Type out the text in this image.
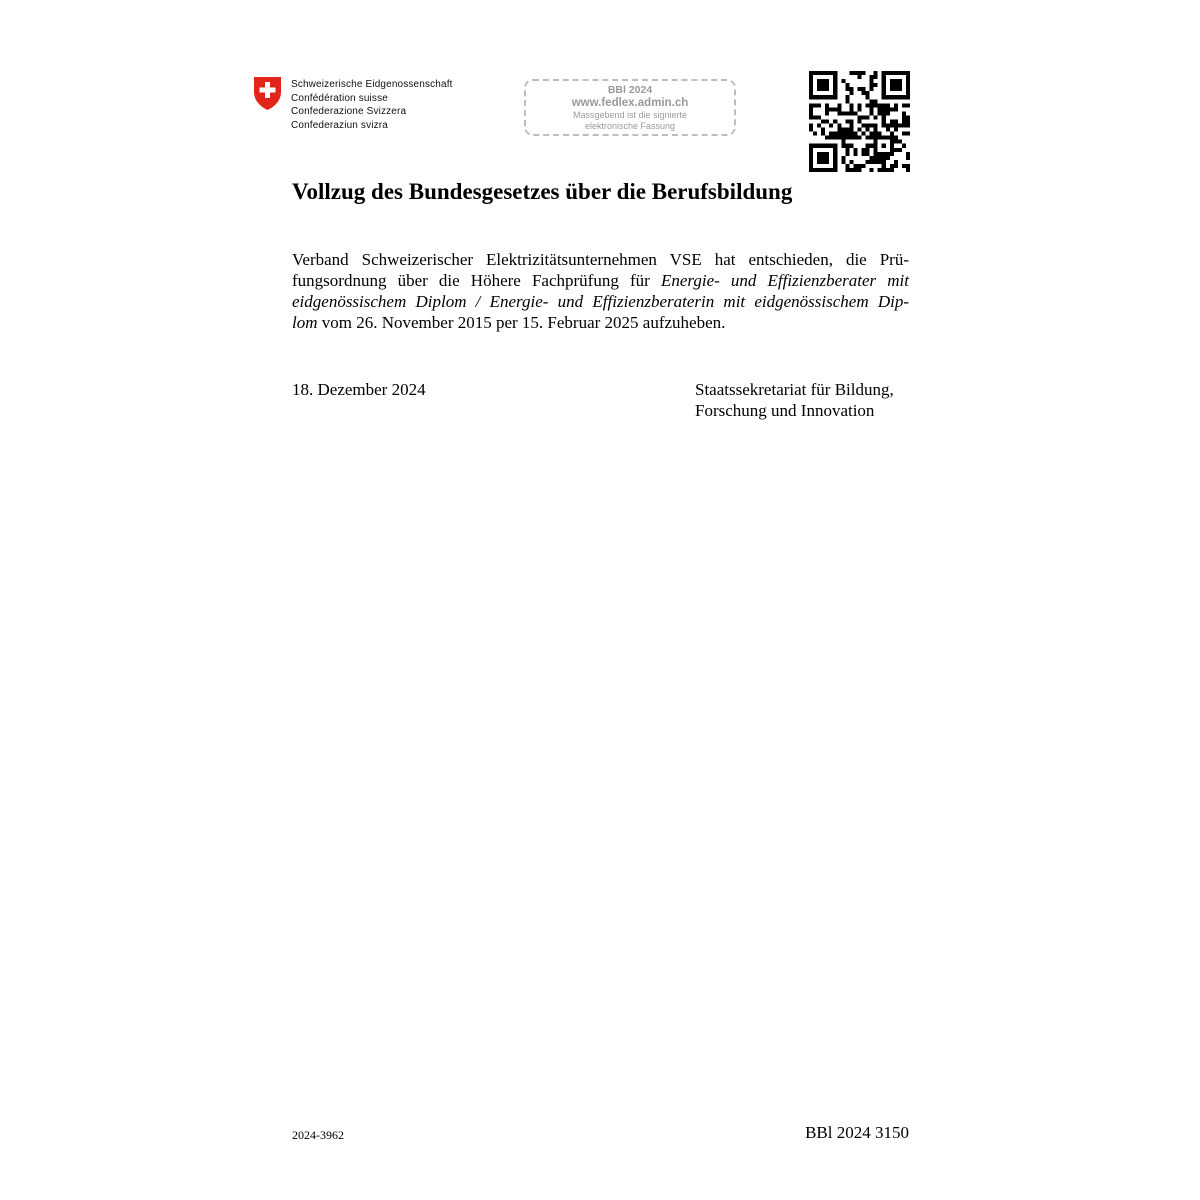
Schweizerische Eidgenossenschaft
Confédération suisse
Confederazione Svizzera
Confederaziun svizra
BBl 2024
www.fedlex.admin.ch
Massgebend ist die signierte
elektronische Fassung
Vollzug des Bundesgesetzes über die Berufsbildung
Verband Schweizerischer Elektrizitätsunternehmen VSE hat entschieden, die Prü-
fungsordnung über die Höhere Fachprüfung für Energie- und Effizienzberater mit
eidgenössischem Diplom / Energie- und Effizienzberaterin mit eidgenössischem Dip-
lom vom 26. November 2015 per 15. Februar 2025 aufzuheben.
18. Dezember 2024	Staatssekretariat für Bildung,
Forschung und Innovation
2024-3962	BBl 2024 3150
